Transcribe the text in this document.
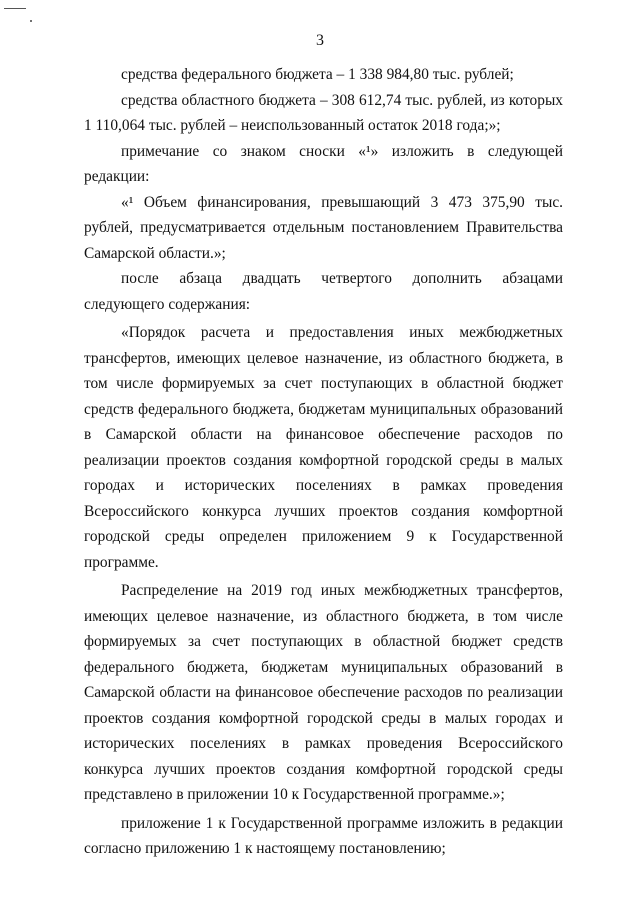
3

средства федерального бюджета – 1 338 984,80 тыс. рублей;

средства областного бюджета – 308 612,74 тыс. рублей, из которых 1 110,064 тыс. рублей – неиспользованный остаток 2018 года;»;

примечание со знаком сноски «¹» изложить в следующей редакции:

«¹ Объем финансирования, превышающий 3 473 375,90 тыс. рублей, предусматривается отдельным постановлением Правительства Самарской области.»;

после абзаца двадцать четвертого дополнить абзацами следующего содержания:

«Порядок расчета и предоставления иных межбюджетных трансфертов, имеющих целевое назначение, из областного бюджета, в том числе формируемых за счет поступающих в областной бюджет средств федерального бюджета, бюджетам муниципальных образований в Самарской области на финансовое обеспечение расходов по реализации проектов создания комфортной городской среды в малых городах и исторических поселениях в рамках проведения Всероссийского конкурса лучших проектов создания комфортной городской среды определен приложением 9 к Государственной программе.

Распределение на 2019 год иных межбюджетных трансфертов, имеющих целевое назначение, из областного бюджета, в том числе формируемых за счет поступающих в областной бюджет средств федерального бюджета, бюджетам муниципальных образований в Самарской области на финансовое обеспечение расходов по реализации проектов создания комфортной городской среды в малых городах и исторических поселениях в рамках проведения Всероссийского конкурса лучших проектов создания комфортной городской среды представлено в приложении 10 к Государственной программе.»;

приложение 1 к Государственной программе изложить в редакции согласно приложению 1 к настоящему постановлению;
